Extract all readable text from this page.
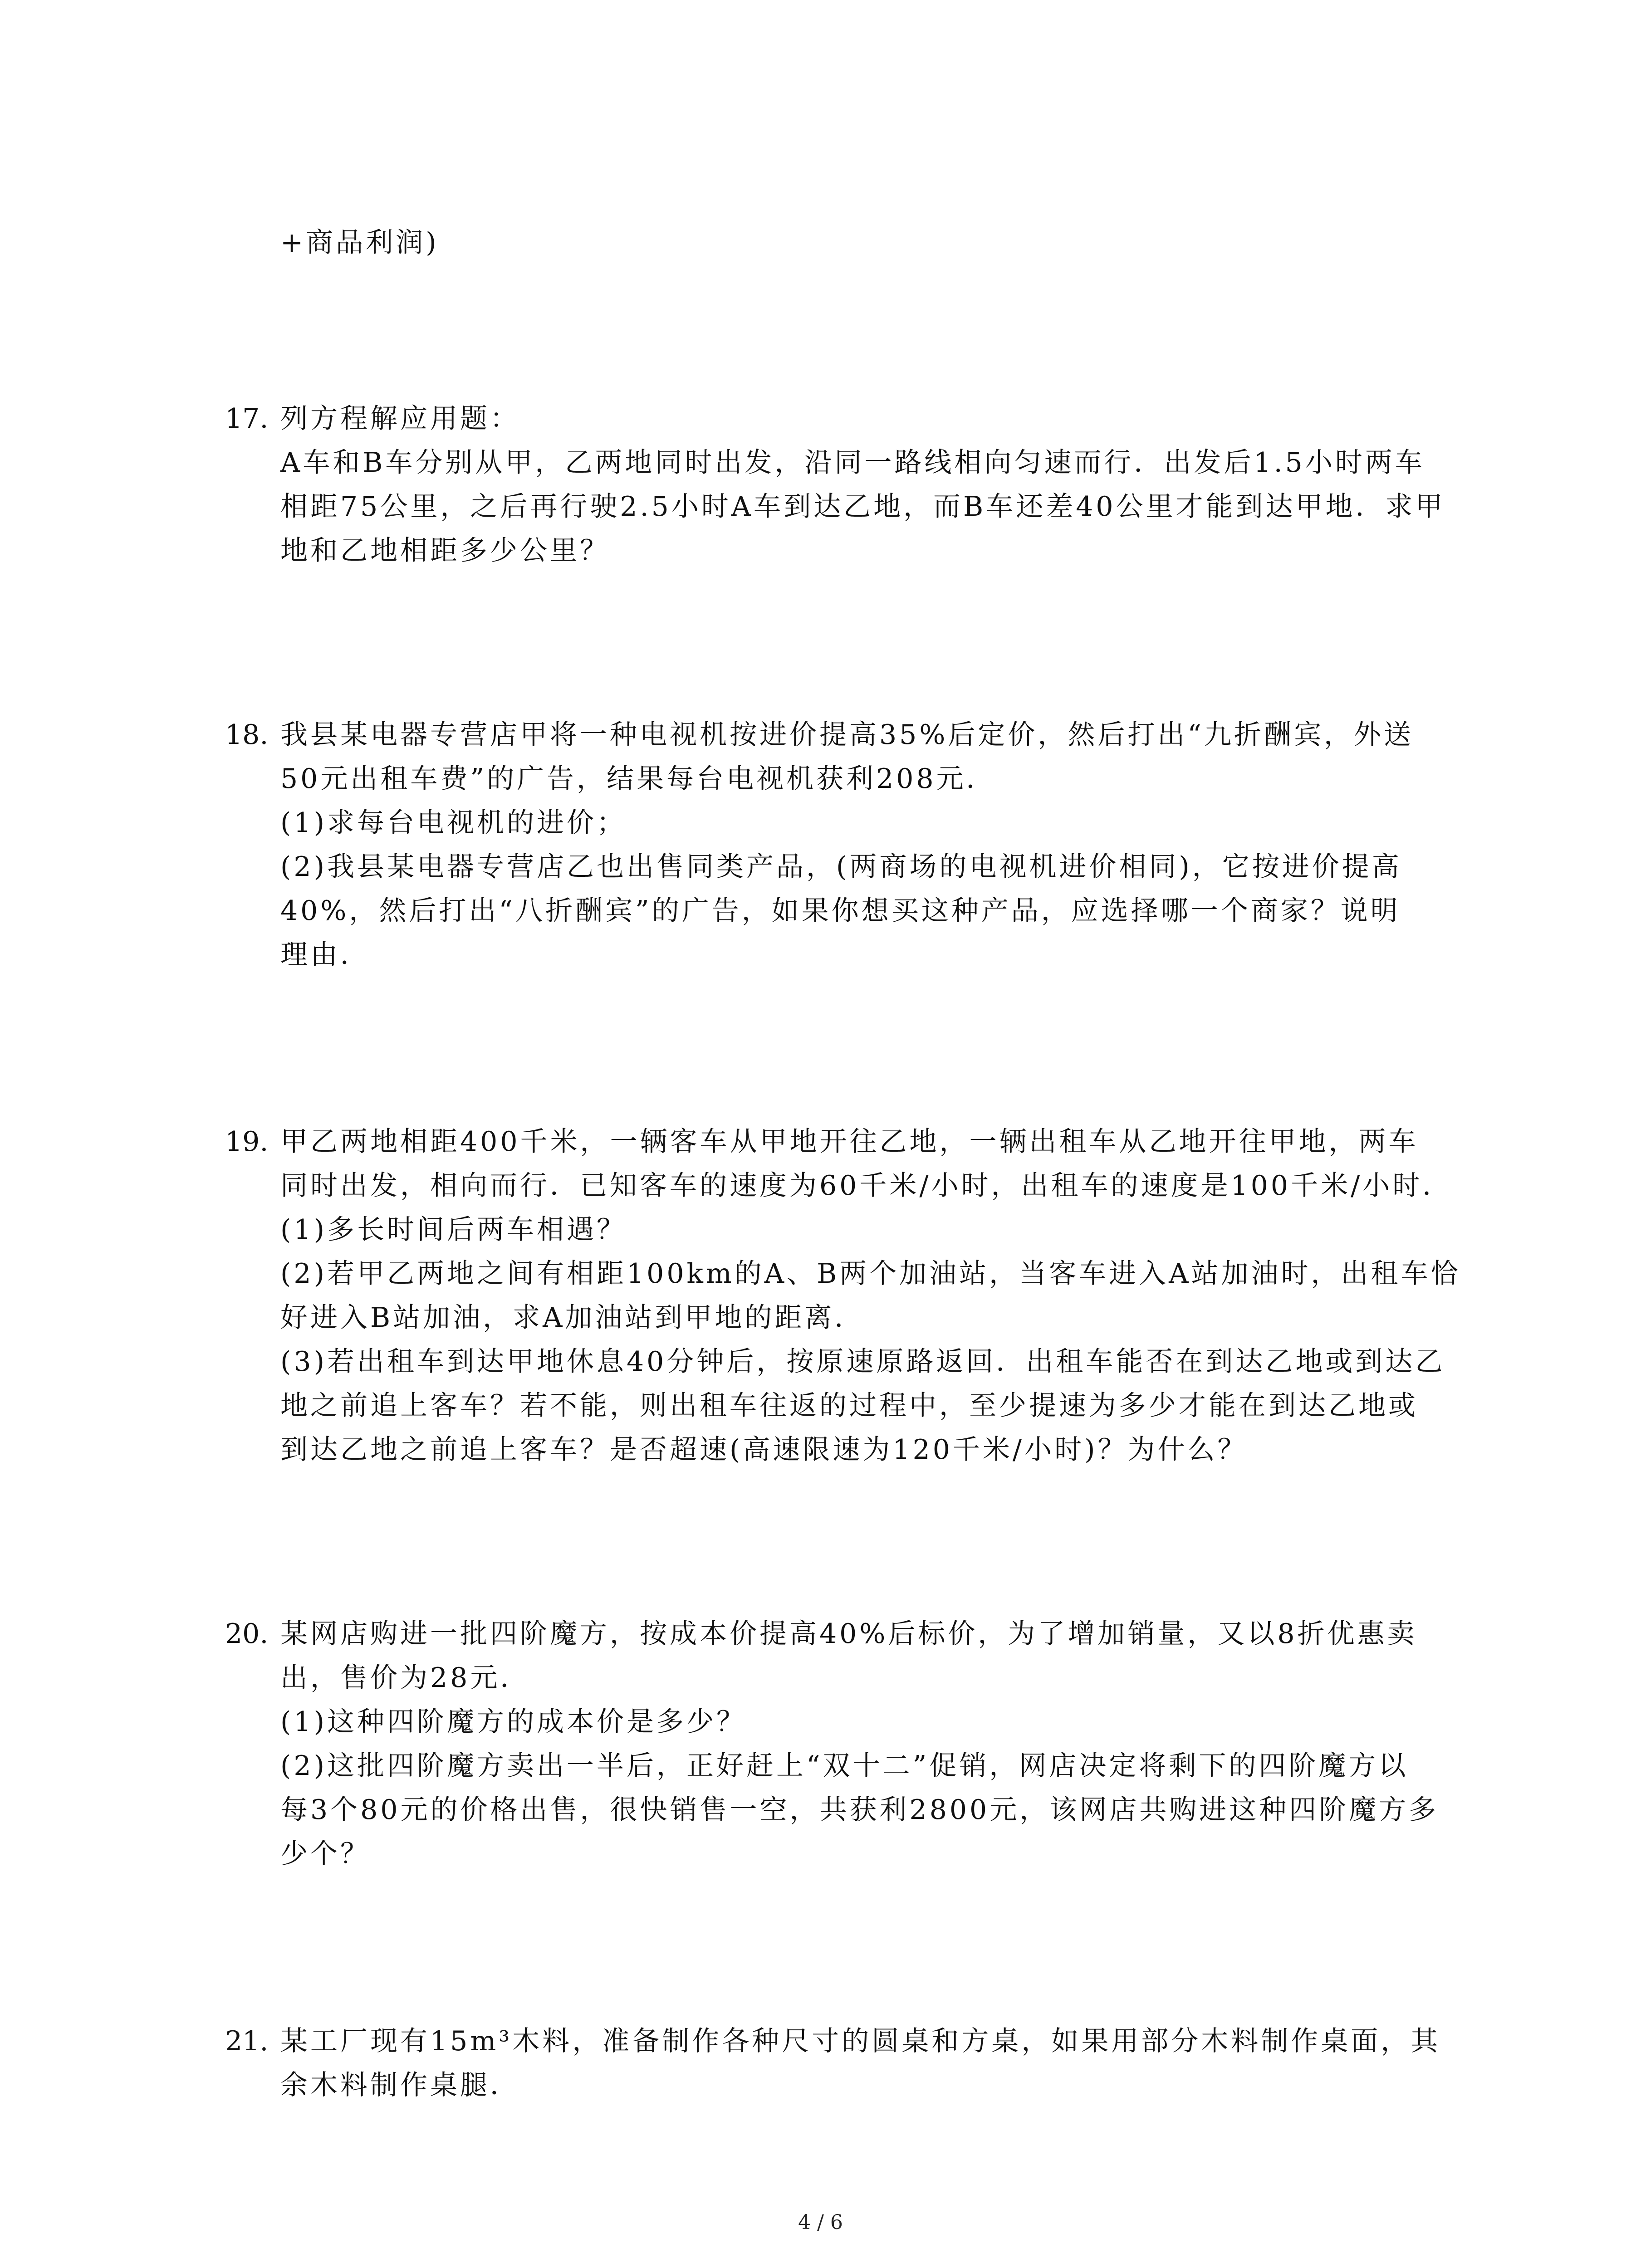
+商品利润)
17. 列方程解应用题：
A车和B车分别从甲，乙两地同时出发，沿同一路线相向匀速而行．出发后1.5小时两车
相距75公里，之后再行驶2.5小时A车到达乙地，而B车还差40公里才能到达甲地．求甲
地和乙地相距多少公里？
18. 我县某电器专营店甲将一种电视机按进价提高35%后定价，然后打出“九折酬宾，外送
50元出租车费”的广告，结果每台电视机获利208元．
(1)求每台电视机的进价；
(2)我县某电器专营店乙也出售同类产品，(两商场的电视机进价相同)，它按进价提高
40%，然后打出“八折酬宾”的广告，如果你想买这种产品，应选择哪一个商家？说明
理由．
19. 甲乙两地相距400千米，一辆客车从甲地开往乙地，一辆出租车从乙地开往甲地，两车
同时出发，相向而行．已知客车的速度为60千米/小时，出租车的速度是100千米/小时．
(1)多长时间后两车相遇？
(2)若甲乙两地之间有相距100km的A、B两个加油站，当客车进入A站加油时，出租车恰
好进入B站加油，求A加油站到甲地的距离．
(3)若出租车到达甲地休息40分钟后，按原速原路返回．出租车能否在到达乙地或到达乙
地之前追上客车？若不能，则出租车往返的过程中，至少提速为多少才能在到达乙地或
到达乙地之前追上客车？是否超速(高速限速为120千米/小时)？为什么？
20. 某网店购进一批四阶魔方，按成本价提高40%后标价，为了增加销量，又以8折优惠卖
出，售价为28元．
(1)这种四阶魔方的成本价是多少？
(2)这批四阶魔方卖出一半后，正好赶上“双十二”促销，网店决定将剩下的四阶魔方以
每3个80元的价格出售，很快销售一空，共获利2800元，该网店共购进这种四阶魔方多
少个？
21. 某工厂现有15m³木料，准备制作各种尺寸的圆桌和方桌，如果用部分木料制作桌面，其
余木料制作桌腿．
4 / 6
